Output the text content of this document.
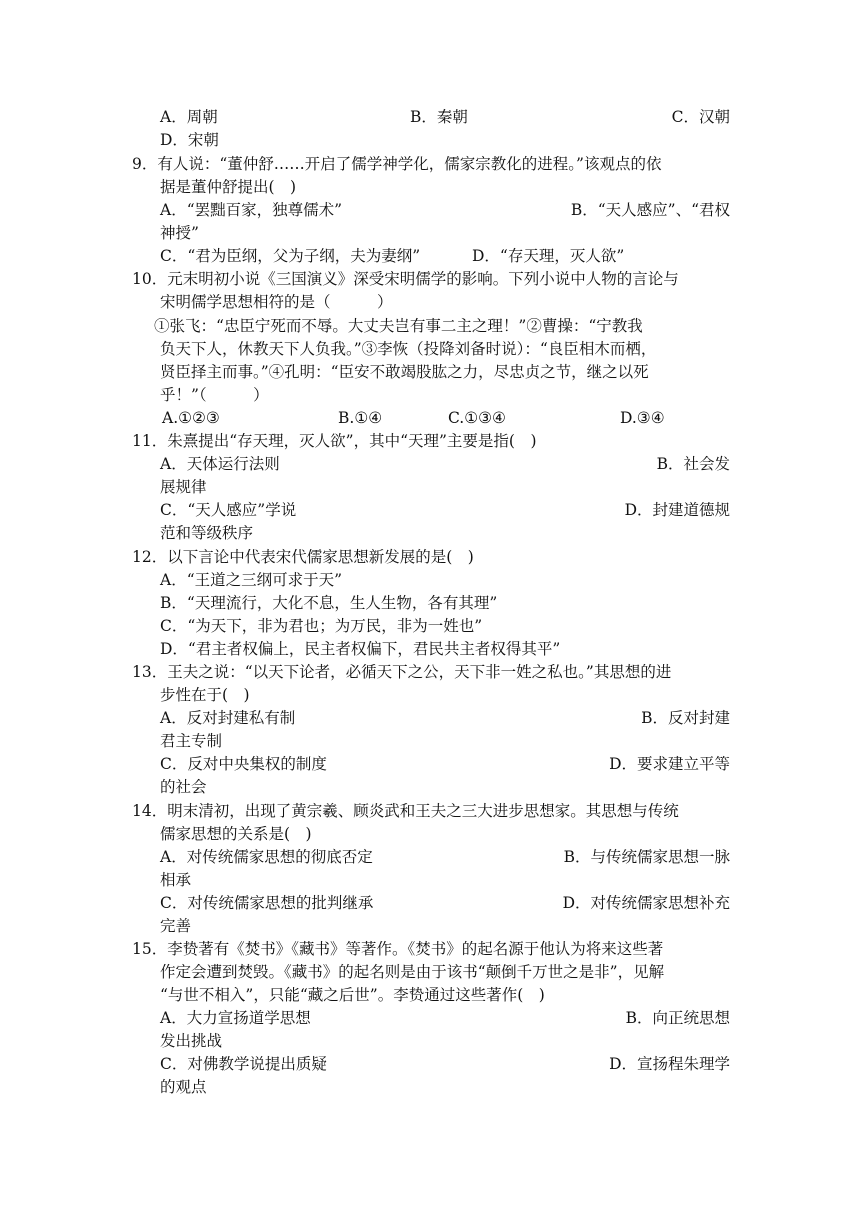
A．周朝	B．秦朝	C．汉朝
D．宋朝
9．有人说：“董仲舒……开启了儒学神学化，儒家宗教化的进程。”该观点的依
据是董仲舒提出(　)
A．“罢黜百家，独尊儒术”	B．“天人感应”、“君权
神授”
C．“君为臣纲，父为子纲，夫为妻纲”	D．“存天理，灭人欲”
10．元末明初小说《三国演义》深受宋明儒学的影响。下列小说中人物的言论与
宋明儒学思想相符的是（　　　）
①张飞：“忠臣宁死而不辱。大丈夫岂有事二主之理！”②曹操：“宁教我
负天下人，休教天下人负我。”③李恢（投降刘备时说）：“良臣相木而栖，
贤臣择主而事。”④孔明：“臣安不敢竭股肱之力，尽忠贞之节，继之以死
乎！”（　　　）
A.①②③	B.①④	C.①③④	D.③④
11．朱熹提出“存天理，灭人欲”，其中“天理”主要是指(　)
A．天体运行法则	B．社会发
展规律
C．“天人感应”学说	D．封建道德规
范和等级秩序
12．以下言论中代表宋代儒家思想新发展的是(　)
A．“王道之三纲可求于天”
B．“天理流行，大化不息，生人生物，各有其理”
C．“为天下，非为君也；为万民，非为一姓也”
D．“君主者权偏上，民主者权偏下，君民共主者权得其平”
13．王夫之说：“以天下论者，必循天下之公，天下非一姓之私也。”其思想的进
步性在于(　)
A．反对封建私有制	B．反对封建
君主专制
C．反对中央集权的制度	D．要求建立平等
的社会
14．明末清初，出现了黄宗羲、顾炎武和王夫之三大进步思想家。其思想与传统
儒家思想的关系是(　)
A．对传统儒家思想的彻底否定	B．与传统儒家思想一脉
相承
C．对传统儒家思想的批判继承	D．对传统儒家思想补充
完善
15．李贽著有《焚书》《藏书》等著作。《焚书》的起名源于他认为将来这些著
作定会遭到焚毁。《藏书》的起名则是由于该书“颠倒千万世之是非”，见解
“与世不相入”，只能“藏之后世”。李贽通过这些著作(　)
A．大力宣扬道学思想	B．向正统思想
发出挑战
C．对佛教学说提出质疑	D．宣扬程朱理学
的观点
